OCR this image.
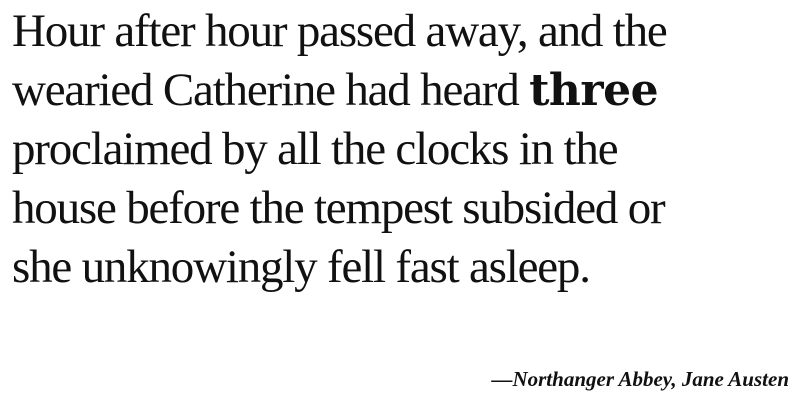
Hour after hour passed away, and the
wearied Catherine had heard three
proclaimed by all the clocks in the
house before the tempest subsided or
she unknowingly fell fast asleep.

—Northanger Abbey, Jane Austen
